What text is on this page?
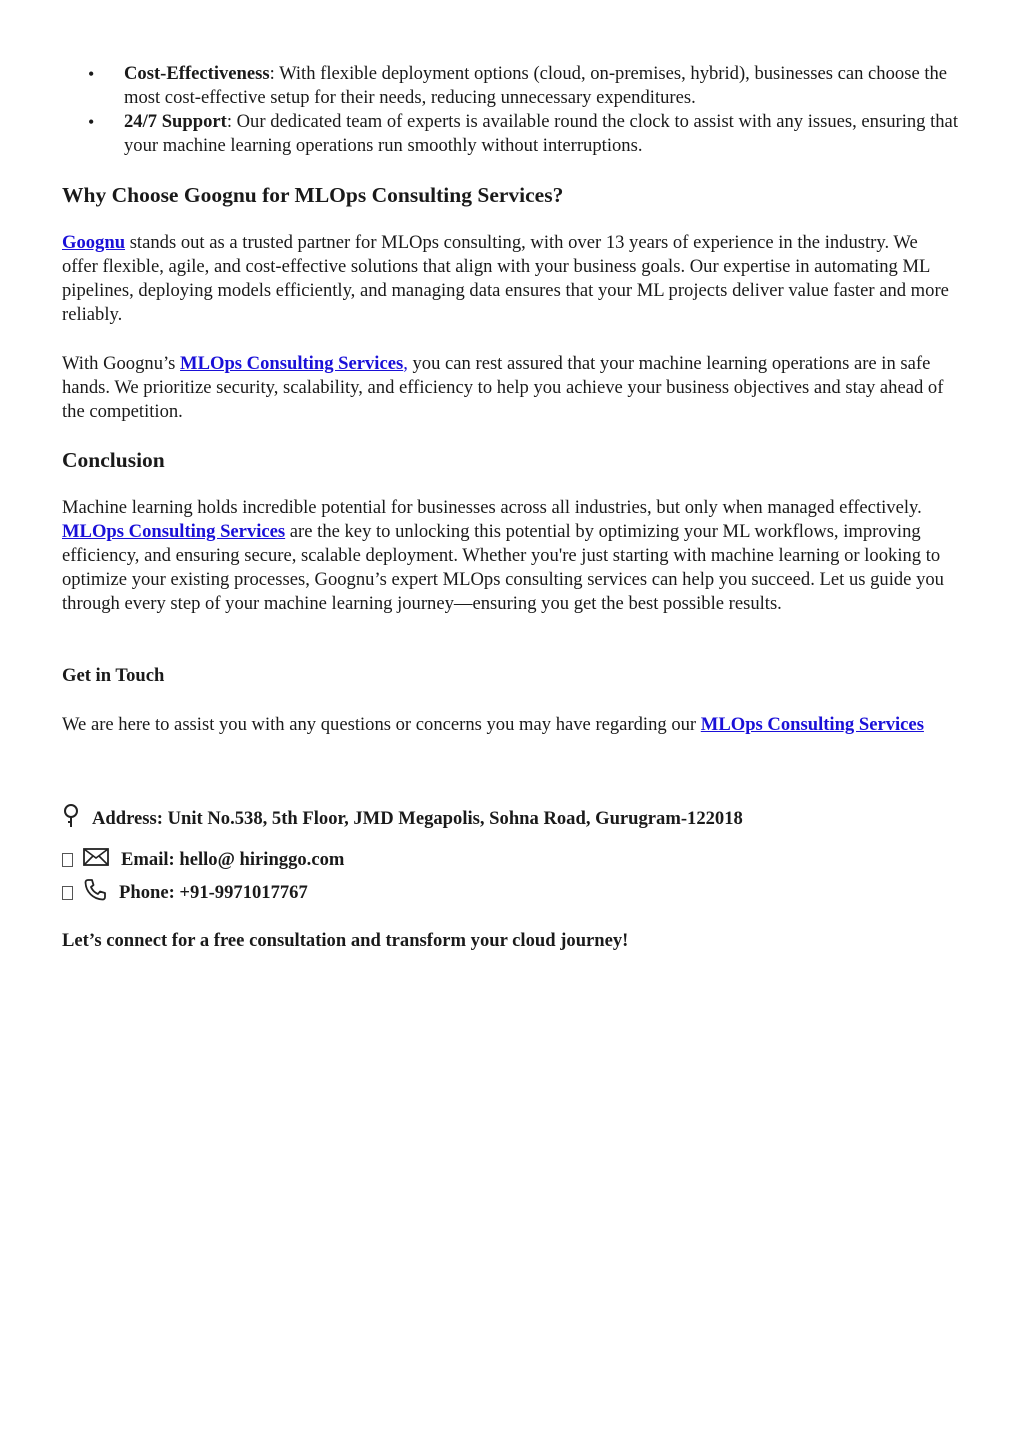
• Cost-Effectiveness: With flexible deployment options (cloud, on-premises, hybrid), businesses can choose the most cost-effective setup for their needs, reducing unnecessary expenditures.
• 24/7 Support: Our dedicated team of experts is available round the clock to assist with any issues, ensuring that your machine learning operations run smoothly without interruptions.
Why Choose Goognu for MLOps Consulting Services?

Goognu stands out as a trusted partner for MLOps consulting, with over 13 years of experience in the industry. We offer flexible, agile, and cost-effective solutions that align with your business goals. Our expertise in automating ML pipelines, deploying models efficiently, and managing data ensures that your ML projects deliver value faster and more reliably.

With Goognu’s MLOps Consulting Services, you can rest assured that your machine learning operations are in safe hands. We prioritize security, scalability, and efficiency to help you achieve your business objectives and stay ahead of the competition.

Conclusion

Machine learning holds incredible potential for businesses across all industries, but only when managed effectively. MLOps Consulting Services are the key to unlocking this potential by optimizing your ML workflows, improving efficiency, and ensuring secure, scalable deployment. Whether you're just starting with machine learning or looking to optimize your existing processes, Goognu’s expert MLOps consulting services can help you succeed. Let us guide you through every step of your machine learning journey—ensuring you get the best possible results.

Get in Touch

We are here to assist you with any questions or concerns you may have regarding our MLOps Consulting Services

Address: Unit No.538, 5th Floor, JMD Megapolis, Sohna Road, Gurugram-122018
Email: hello@ hiringgo.com
Phone: +91-9971017767
Let’s connect for a free consultation and transform your cloud journey!
